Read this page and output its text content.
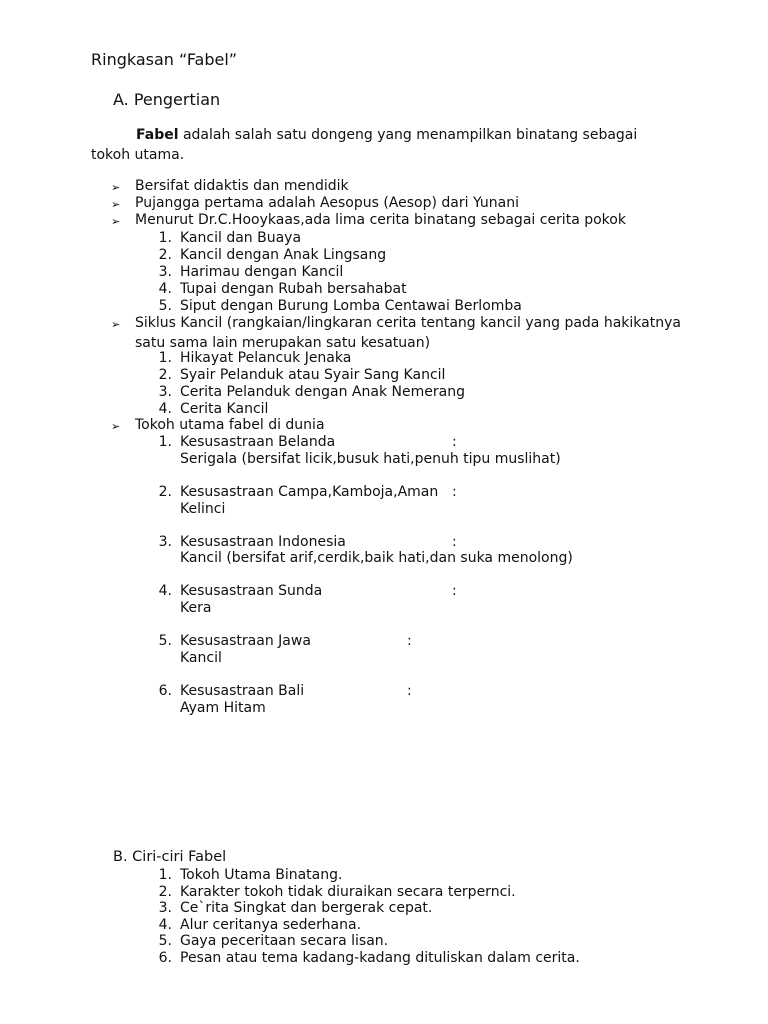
Ringkasan “Fabel”
A. Pengertian
Fabel adalah salah satu dongeng yang menampilkan binatang sebagai
tokoh utama.
➢ Bersifat didaktis dan mendidik
➢ Pujangga pertama adalah Aesopus (Aesop) dari Yunani
➢ Menurut Dr.C.Hooykaas,ada lima cerita binatang sebagai cerita pokok
1. Kancil dan Buaya
2. Kancil dengan Anak Lingsang
3. Harimau dengan Kancil
4. Tupai dengan Rubah bersahabat
5. Siput dengan Burung Lomba Centawai Berlomba
➢ Siklus Kancil (rangkaian/lingkaran cerita tentang kancil yang pada hakikatnya
satu sama lain merupakan satu kesatuan)
1. Hikayat Pelancuk Jenaka
2. Syair Pelanduk atau Syair Sang Kancil
3. Cerita Pelanduk dengan Anak Nemerang
4. Cerita Kancil
➢ Tokoh utama fabel di dunia
1. Kesusastraan Belanda	:
Serigala (bersifat licik,busuk hati,penuh tipu muslihat)
2. Kesusastraan Campa,Kamboja,Aman :
Kelinci
3. Kesusastraan Indonesia	:
Kancil (bersifat arif,cerdik,baik hati,dan suka menolong)
4. Kesusastraan Sunda	:
Kera
5. Kesusastraan Jawa	:
Kancil
6. Kesusastraan Bali	:
Ayam Hitam
B. Ciri-ciri Fabel
1. Tokoh Utama Binatang.
2. Karakter tokoh tidak diuraikan secara terpernci.
3. Ce`rita Singkat dan bergerak cepat.
4. Alur ceritanya sederhana.
5. Gaya peceritaan secara lisan.
6. Pesan atau tema kadang-kadang dituliskan dalam cerita.
